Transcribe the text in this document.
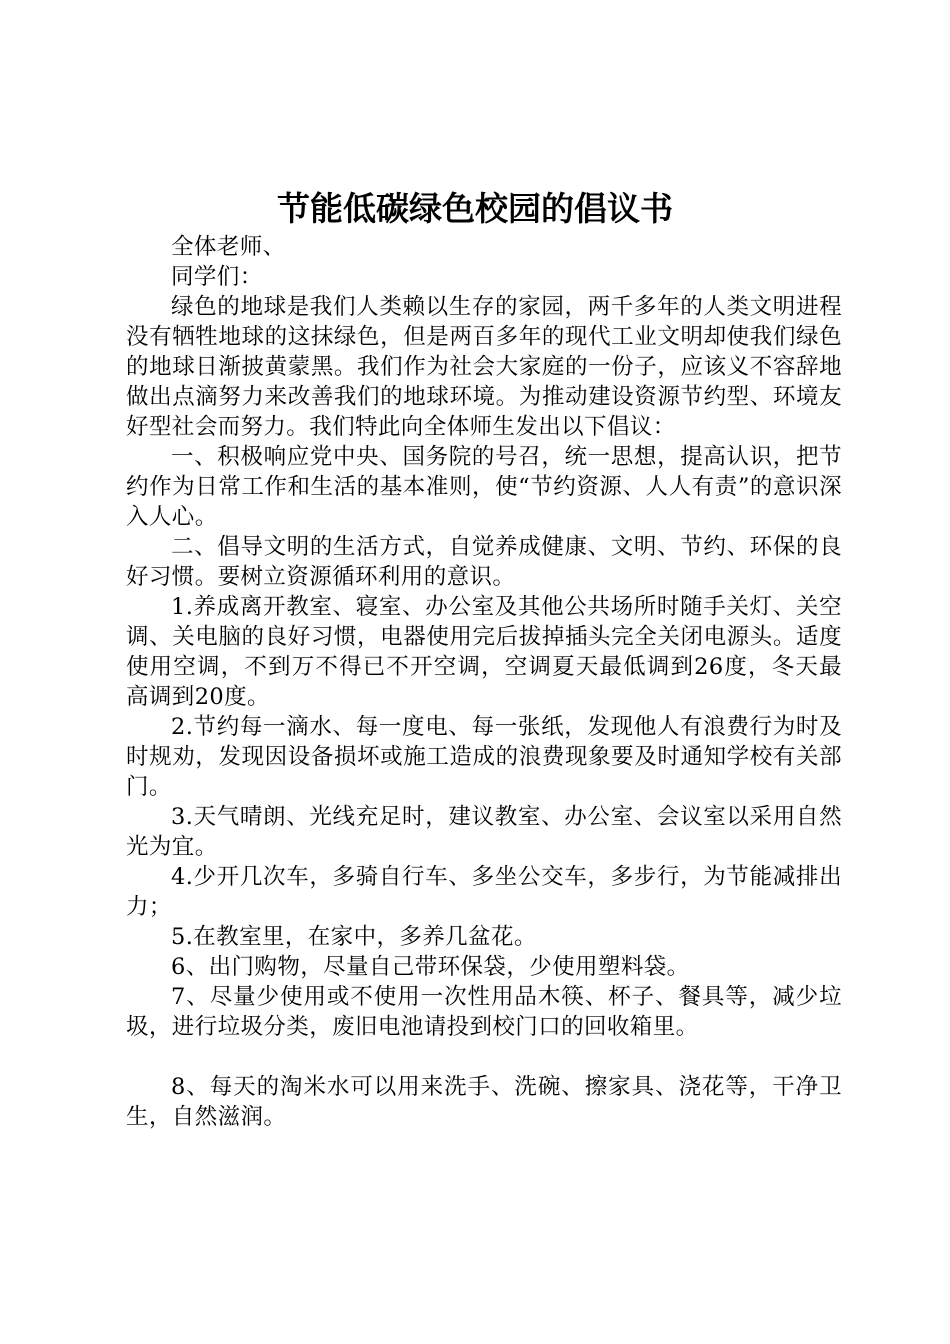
节能低碳绿色校园的倡议书

全体老师、

同学们：

绿色的地球是我们人类赖以生存的家园，两千多年的人类文明进程没有牺牲地球的这抹绿色，但是两百多年的现代工业文明却使我们绿色的地球日渐披黄蒙黑。我们作为社会大家庭的一份子，应该义不容辞地做出点滴努力来改善我们的地球环境。为推动建设资源节约型、环境友好型社会而努力。我们特此向全体师生发出以下倡议：

一、积极响应党中央、国务院的号召，统一思想，提高认识，把节约作为日常工作和生活的基本准则，使“节约资源、人人有责”的意识深入人心。

二、倡导文明的生活方式，自觉养成健康、文明、节约、环保的良好习惯。要树立资源循环利用的意识。

1.养成离开教室、寝室、办公室及其他公共场所时随手关灯、关空调、关电脑的良好习惯，电器使用完后拔掉插头完全关闭电源头。适度使用空调，不到万不得已不开空调，空调夏天最低调到26度，冬天最高调到20度。

2.节约每一滴水、每一度电、每一张纸，发现他人有浪费行为时及时规劝，发现因设备损坏或施工造成的浪费现象要及时通知学校有关部门。

3.天气晴朗、光线充足时，建议教室、办公室、会议室以采用自然光为宜。

4.少开几次车，多骑自行车、多坐公交车，多步行，为节能减排出力；

5.在教室里，在家中，多养几盆花。

6、出门购物，尽量自己带环保袋，少使用塑料袋。

7、尽量少使用或不使用一次性用品木筷、杯子、餐具等，减少垃圾，进行垃圾分类，废旧电池请投到校门口的回收箱里。

8、每天的淘米水可以用来洗手、洗碗、擦家具、浇花等，干净卫生，自然滋润。
